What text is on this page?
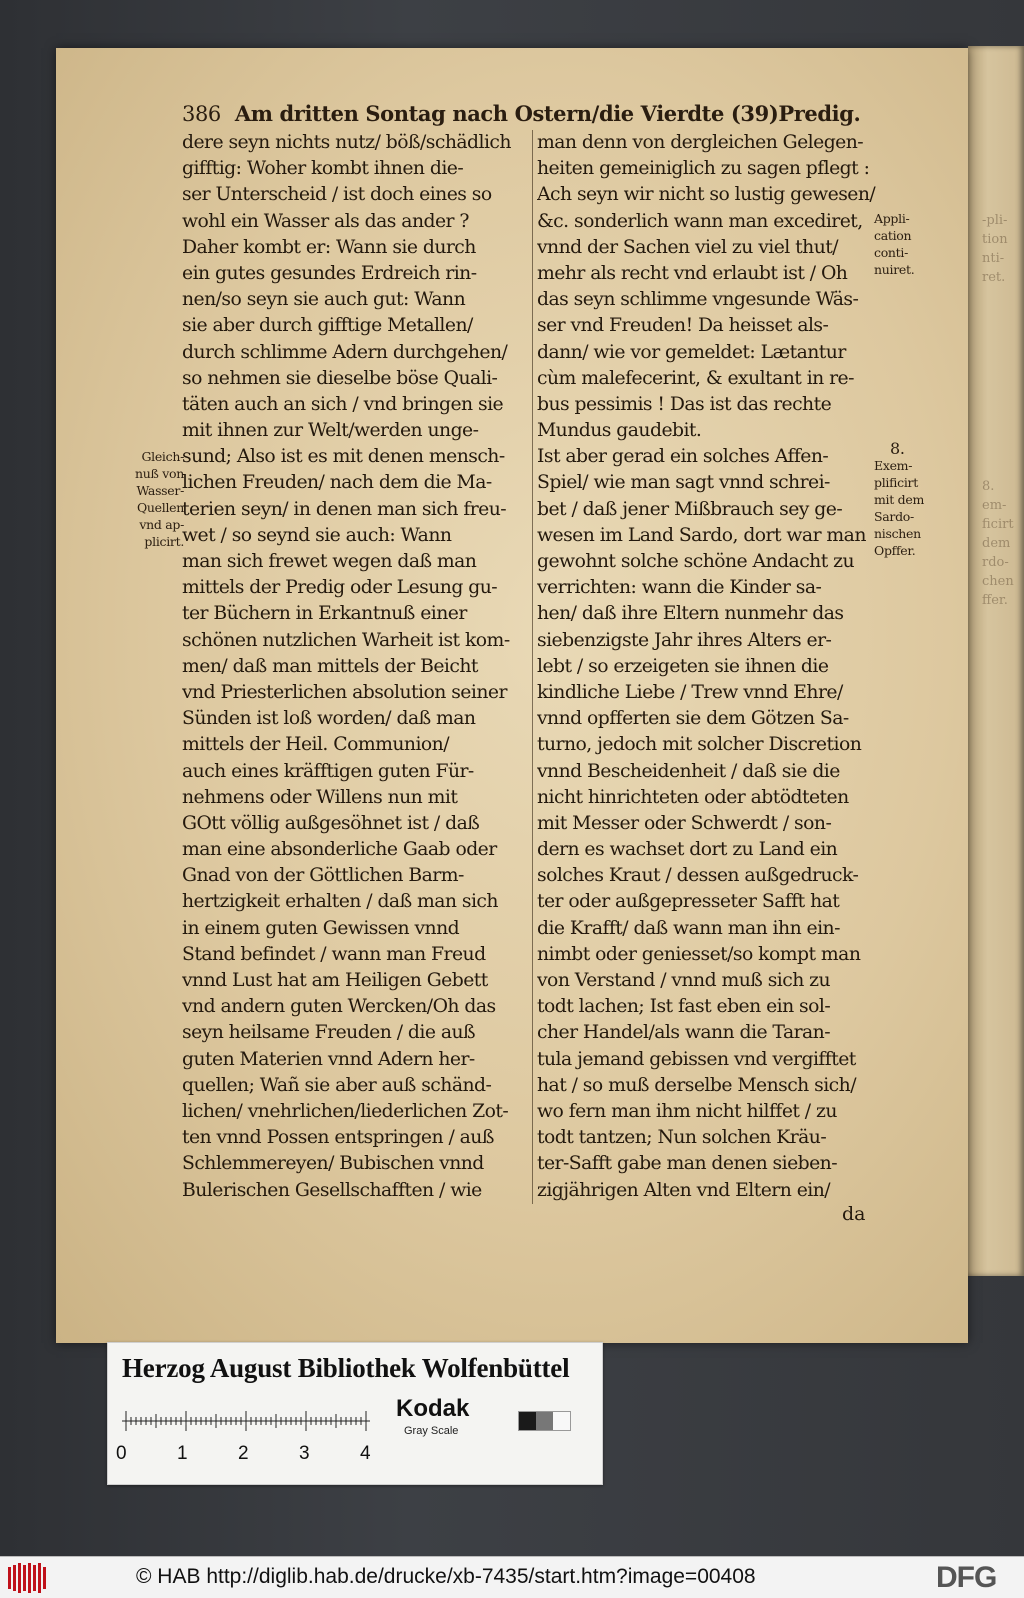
-pli-
tion
nti-
ret.
8.
em-
ficirt
dem
rdo-
chen
ffer.
386 Am dritten Sontag nach Ostern/die Vierdte (39)Predig.
dere seyn nichts nutz/ böß/schädlich
gifftig: Woher kombt ihnen die-
ser Unterscheid / ist doch eines so
wohl ein Wasser als das ander ?
Daher kombt er: Wann sie durch
ein gutes gesundes Erdreich rin-
nen/so seyn sie auch gut: Wann
sie aber durch gifftige Metallen/
durch schlimme Adern durchgehen/
so nehmen sie dieselbe böse Quali-
täten auch an sich / vnd bringen sie
mit ihnen zur Welt/werden unge-
sund; Also ist es mit denen mensch-
lichen Freuden/ nach dem die Ma-
terien seyn/ in denen man sich freu-
wet / so seynd sie auch: Wann
man sich frewet wegen daß man
mittels der Predig oder Lesung gu-
ter Büchern in Erkantnuß einer
schönen nutzlichen Warheit ist kom-
men/ daß man mittels der Beicht
vnd Priesterlichen absolution seiner
Sünden ist loß worden/ daß man
mittels der Heil. Communion/
auch eines kräfftigen guten Für-
nehmens oder Willens nun mit
GOtt völlig außgesöhnet ist / daß
man eine absonderliche Gaab oder
Gnad von der Göttlichen Barm-
hertzigkeit erhalten / daß man sich
in einem guten Gewissen vnnd
Stand befindet / wann man Freud
vnnd Lust hat am Heiligen Gebett
vnd andern guten Wercken/Oh das
seyn heilsame Freuden / die auß
guten Materien vnnd Adern her-
quellen; Wañ sie aber auß schänd-
lichen/ vnehrlichen/liederlichen Zot-
ten vnnd Possen entspringen / auß
Schlemmereyen/ Bubischen vnnd
Bulerischen Gesellschafften / wie
man denn von dergleichen Gelegen-
heiten gemeiniglich zu sagen pflegt :
Ach seyn wir nicht so lustig gewesen/
&c. sonderlich wann man excediret,
vnnd der Sachen viel zu viel thut/
mehr als recht vnd erlaubt ist / Oh
das seyn schlimme vngesunde Wäs-
ser vnd Freuden! Da heisset als-
dann/ wie vor gemeldet: Lætantur
cùm malefecerint, & exultant in re-
bus pessimis ! Das ist das rechte
Mundus gaudebit.
Ist aber gerad ein solches Affen-
Spiel/ wie man sagt vnnd schrei-
bet / daß jener Mißbrauch sey ge-
wesen im Land Sardo, dort war man
gewohnt solche schöne Andacht zu
verrichten: wann die Kinder sa-
hen/ daß ihre Eltern nunmehr das
siebenzigste Jahr ihres Alters er-
lebt / so erzeigeten sie ihnen die
kindliche Liebe / Trew vnnd Ehre/
vnnd opfferten sie dem Götzen Sa-
turno, jedoch mit solcher Discretion
vnnd Bescheidenheit / daß sie die
nicht hinrichteten oder abtödteten
mit Messer oder Schwerdt / son-
dern es wachset dort zu Land ein
solches Kraut / dessen außgedruck-
ter oder außgepresseter Safft hat
die Krafft/ daß wann man ihn ein-
nimbt oder geniesset/so kompt man
von Verstand / vnnd muß sich zu
todt lachen; Ist fast eben ein sol-
cher Handel/als wann die Taran-
tula jemand gebissen vnd vergifftet
hat / so muß derselbe Mensch sich/
wo fern man ihm nicht hilffet / zu
todt tantzen; Nun solchen Kräu-
ter-Safft gabe man denen sieben-
zigjährigen Alten vnd Eltern ein/
Gleich-
nuß von
Wasser-
Quellen
vnd ap-
plicirt.
Appli-
cation
conti-
nuiret.
8.
Exem-
plificirt
mit dem
Sardo-
nischen
Opffer.
da
Herzog August Bibliothek Wolfenbüttel
0	1	2	3	4
Kodak
Gray Scale
© HAB http://diglib.hab.de/drucke/xb-7435/start.htm?image=00408	DFG
